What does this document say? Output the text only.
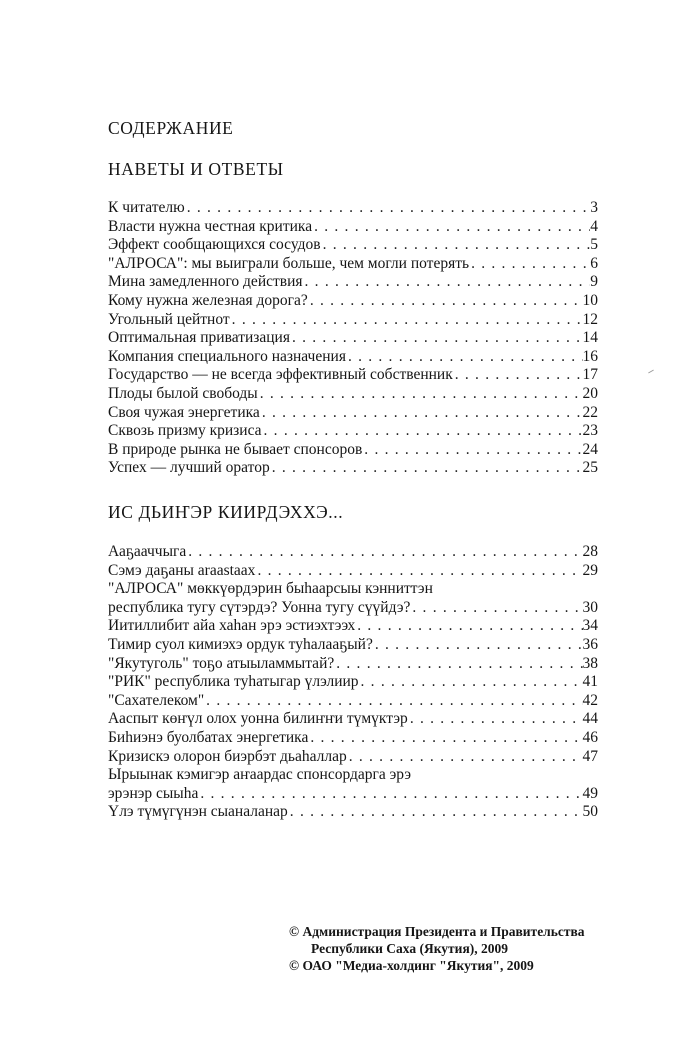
СОДЕРЖАНИЕ
НАВЕТЫ И ОТВЕТЫ
К читателю . . .	3
Власти нужна честная критика . . .	4
Эффект сообщающихся сосудов . . .	5
"АЛРОСА": мы выиграли больше, чем могли потерять . . .	6
Мина замедленного действия . . .	9
Кому нужна железная дорога? . . .	10
Угольный цейтнот . . .	12
Оптимальная приватизация . . .	14
Компания специального назначения . . .	16
Государство — не всегда эффективный собственник . . .	17
Плоды былой свободы . . .	20
Своя чужая энергетика . . .	22
Сквозь призму кризиса . . .	23
В природе рынка не бывает спонсоров . . .	24
Успех — лучший оратор . . .	25
ИС ДЬИҤЭР КИИРДЭХХЭ...
Ааҕааччыга . . .	28
Сэмэ даҕаны araastaах . . .	29
"АЛРОСА" мөккүөрдэрин быһаарсыы кэнниттэн
республика тугу сүтэрдэ? Уонна тугу сүүйдэ? . . .	30
Иитиллибит айа хаһан эрэ эстиэхтээх . . .	34
Тимир суол кимиэхэ ордук туһалааҕый? . . .	36
"Якутуголь" тоҕо атыыламмытай? . . .	38
"РИК" республика туһатыгар үлэлиир . . .	41
"Сахателеком" . . .	42
Ааспыт көҥүл олох уонна билиҥҥи түмүктэр . . .	44
Биһиэнэ буолбатах энергетика . . .	46
Кризискэ олорон биэрбэт дьаһаллар . . .	47
Ырыынак кэмигэр аҥаардас спонсордарга эрэ
эрэнэр сыыһа . . .	49
Үлэ түмүгүнэн сыаналанар . . .	50
© Администрация Президента и Правительства
Республики Саха (Якутия), 2009
© ОАО "Медиа-холдинг "Якутия", 2009
